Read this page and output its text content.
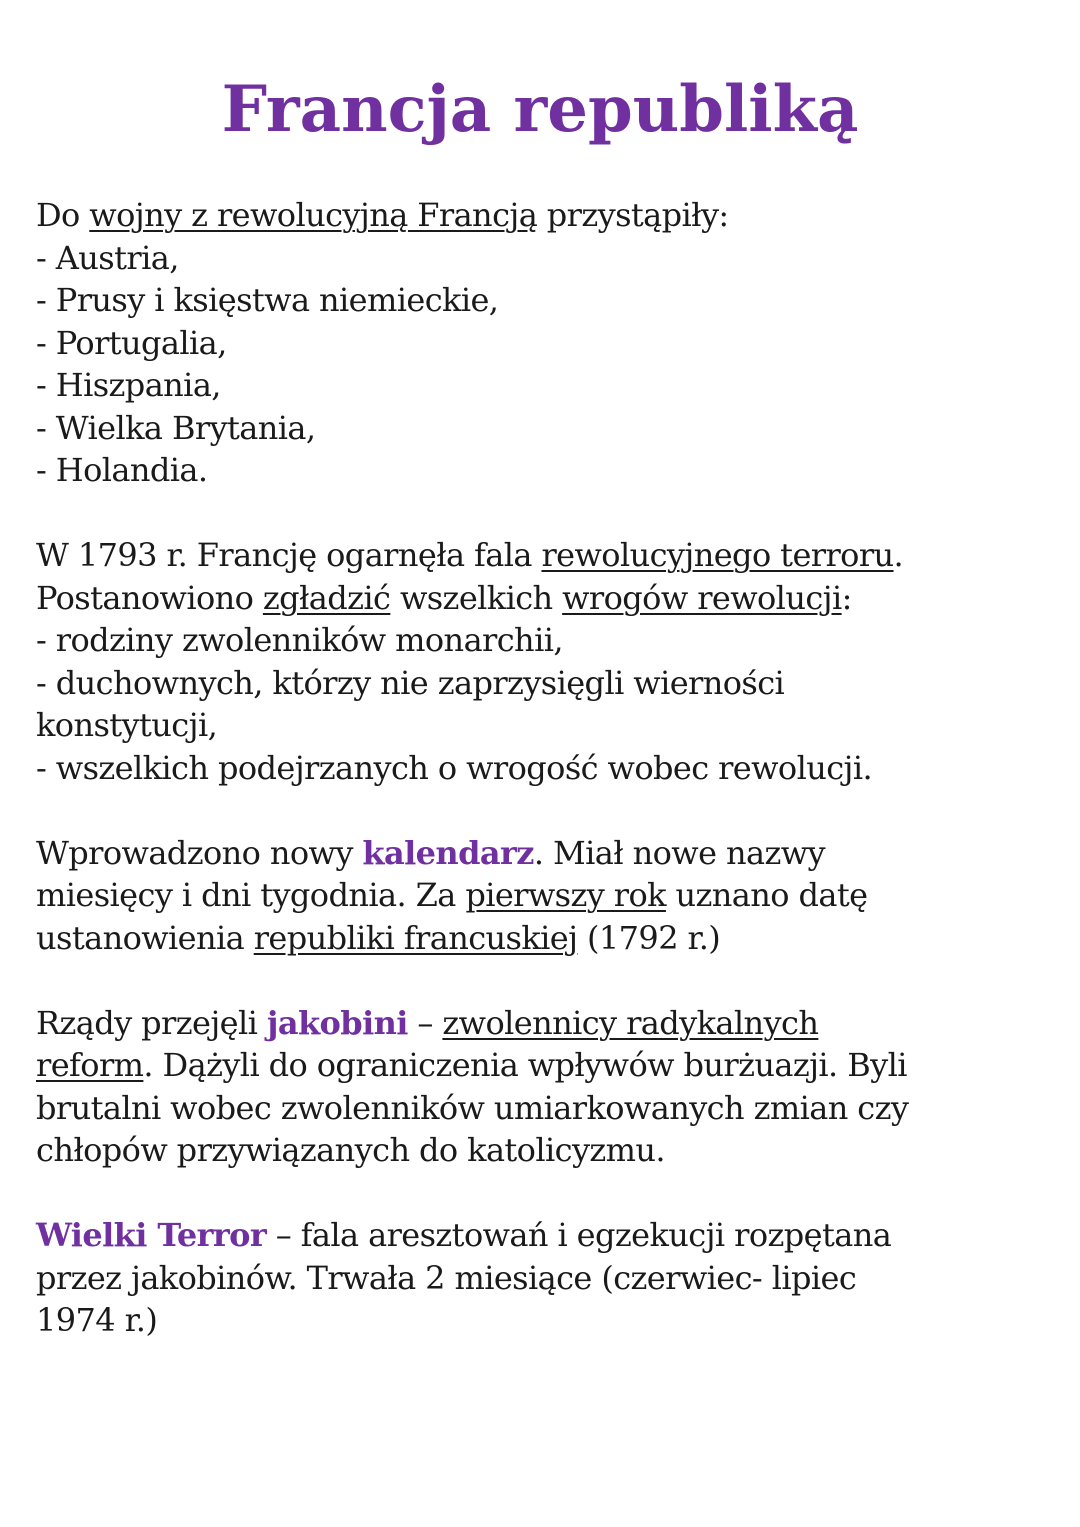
Francja republiką
Do wojny z rewolucyjną Francją przystąpiły:
- Austria,
- Prusy i księstwa niemieckie,
- Portugalia,
- Hiszpania,
- Wielka Brytania,
- Holandia.
W 1793 r. Francję ogarnęła fala rewolucyjnego terroru.
Postanowiono zgładzić wszelkich wrogów rewolucji:
- rodziny zwolenników monarchii,
- duchownych, którzy nie zaprzysięgli wierności
konstytucji,
- wszelkich podejrzanych o wrogość wobec rewolucji.
Wprowadzono nowy kalendarz. Miał nowe nazwy
miesięcy i dni tygodnia. Za pierwszy rok uznano datę
ustanowienia republiki francuskiej (1792 r.)
Rządy przejęli jakobini – zwolennicy radykalnych
reform. Dążyli do ograniczenia wpływów burżuazji. Byli
brutalni wobec zwolenników umiarkowanych zmian czy
chłopów przywiązanych do katolicyzmu.
Wielki Terror – fala aresztowań i egzekucji rozpętana
przez jakobinów. Trwała 2 miesiące (czerwiec- lipiec
1974 r.)
